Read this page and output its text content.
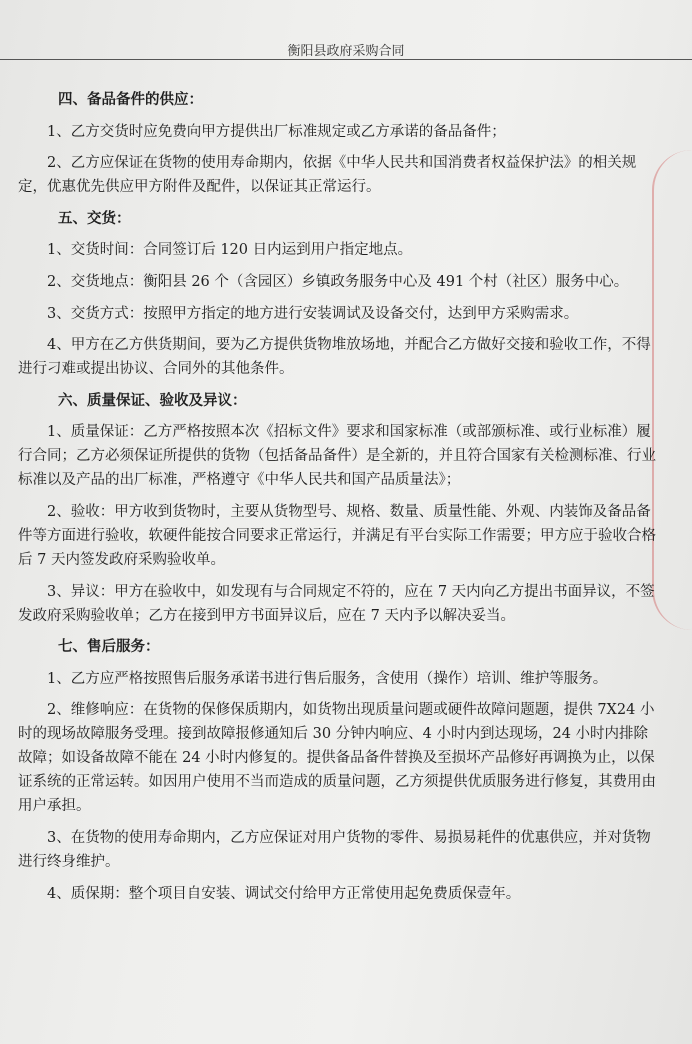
衡阳县政府采购合同

四、备品备件的供应：

1、乙方交货时应免费向甲方提供出厂标准规定或乙方承诺的备品备件；

2、乙方应保证在货物的使用寿命期内，依据《中华人民共和国消费者权益保护法》的相关规定，优惠优先供应甲方附件及配件，以保证其正常运行。

五、交货：

1、交货时间：合同签订后 120 日内运到用户指定地点。

2、交货地点：衡阳县 26 个（含园区）乡镇政务服务中心及 491 个村（社区）服务中心。

3、交货方式：按照甲方指定的地方进行安装调试及设备交付，达到甲方采购需求。

4、甲方在乙方供货期间，要为乙方提供货物堆放场地，并配合乙方做好交接和验收工作，不得进行刁难或提出协议、合同外的其他条件。

六、质量保证、验收及异议：

1、质量保证：乙方严格按照本次《招标文件》要求和国家标准（或部颁标准、或行业标准）履行合同；乙方必须保证所提供的货物（包括备品备件）是全新的，并且符合国家有关检测标准、行业标准以及产品的出厂标准，严格遵守《中华人民共和国产品质量法》；

2、验收：甲方收到货物时，主要从货物型号、规格、数量、质量性能、外观、内装饰及备品备件等方面进行验收，软硬件能按合同要求正常运行，并满足有平台实际工作需要；甲方应于验收合格后 7 天内签发政府采购验收单。

3、异议：甲方在验收中，如发现有与合同规定不符的，应在 7 天内向乙方提出书面异议，不签发政府采购验收单；乙方在接到甲方书面异议后，应在 7 天内予以解决妥当。

七、售后服务：

1、乙方应严格按照售后服务承诺书进行售后服务，含使用（操作）培训、维护等服务。

2、维修响应：在货物的保修保质期内，如货物出现质量问题或硬件故障问题题，提供 7X24 小时的现场故障服务受理。接到故障报修通知后 30 分钟内响应、4 小时内到达现场，24 小时内排除故障；如设备故障不能在 24 小时内修复的。提供备品备件替换及至损坏产品修好再调换为止，以保证系统的正常运转。如因用户使用不当而造成的质量问题，乙方须提供优质服务进行修复，其费用由用户承担。

3、在货物的使用寿命期内，乙方应保证对用户货物的零件、易损易耗件的优惠供应，并对货物进行终身维护。

4、质保期：整个项目自安装、调试交付给甲方正常使用起免费质保壹年。
